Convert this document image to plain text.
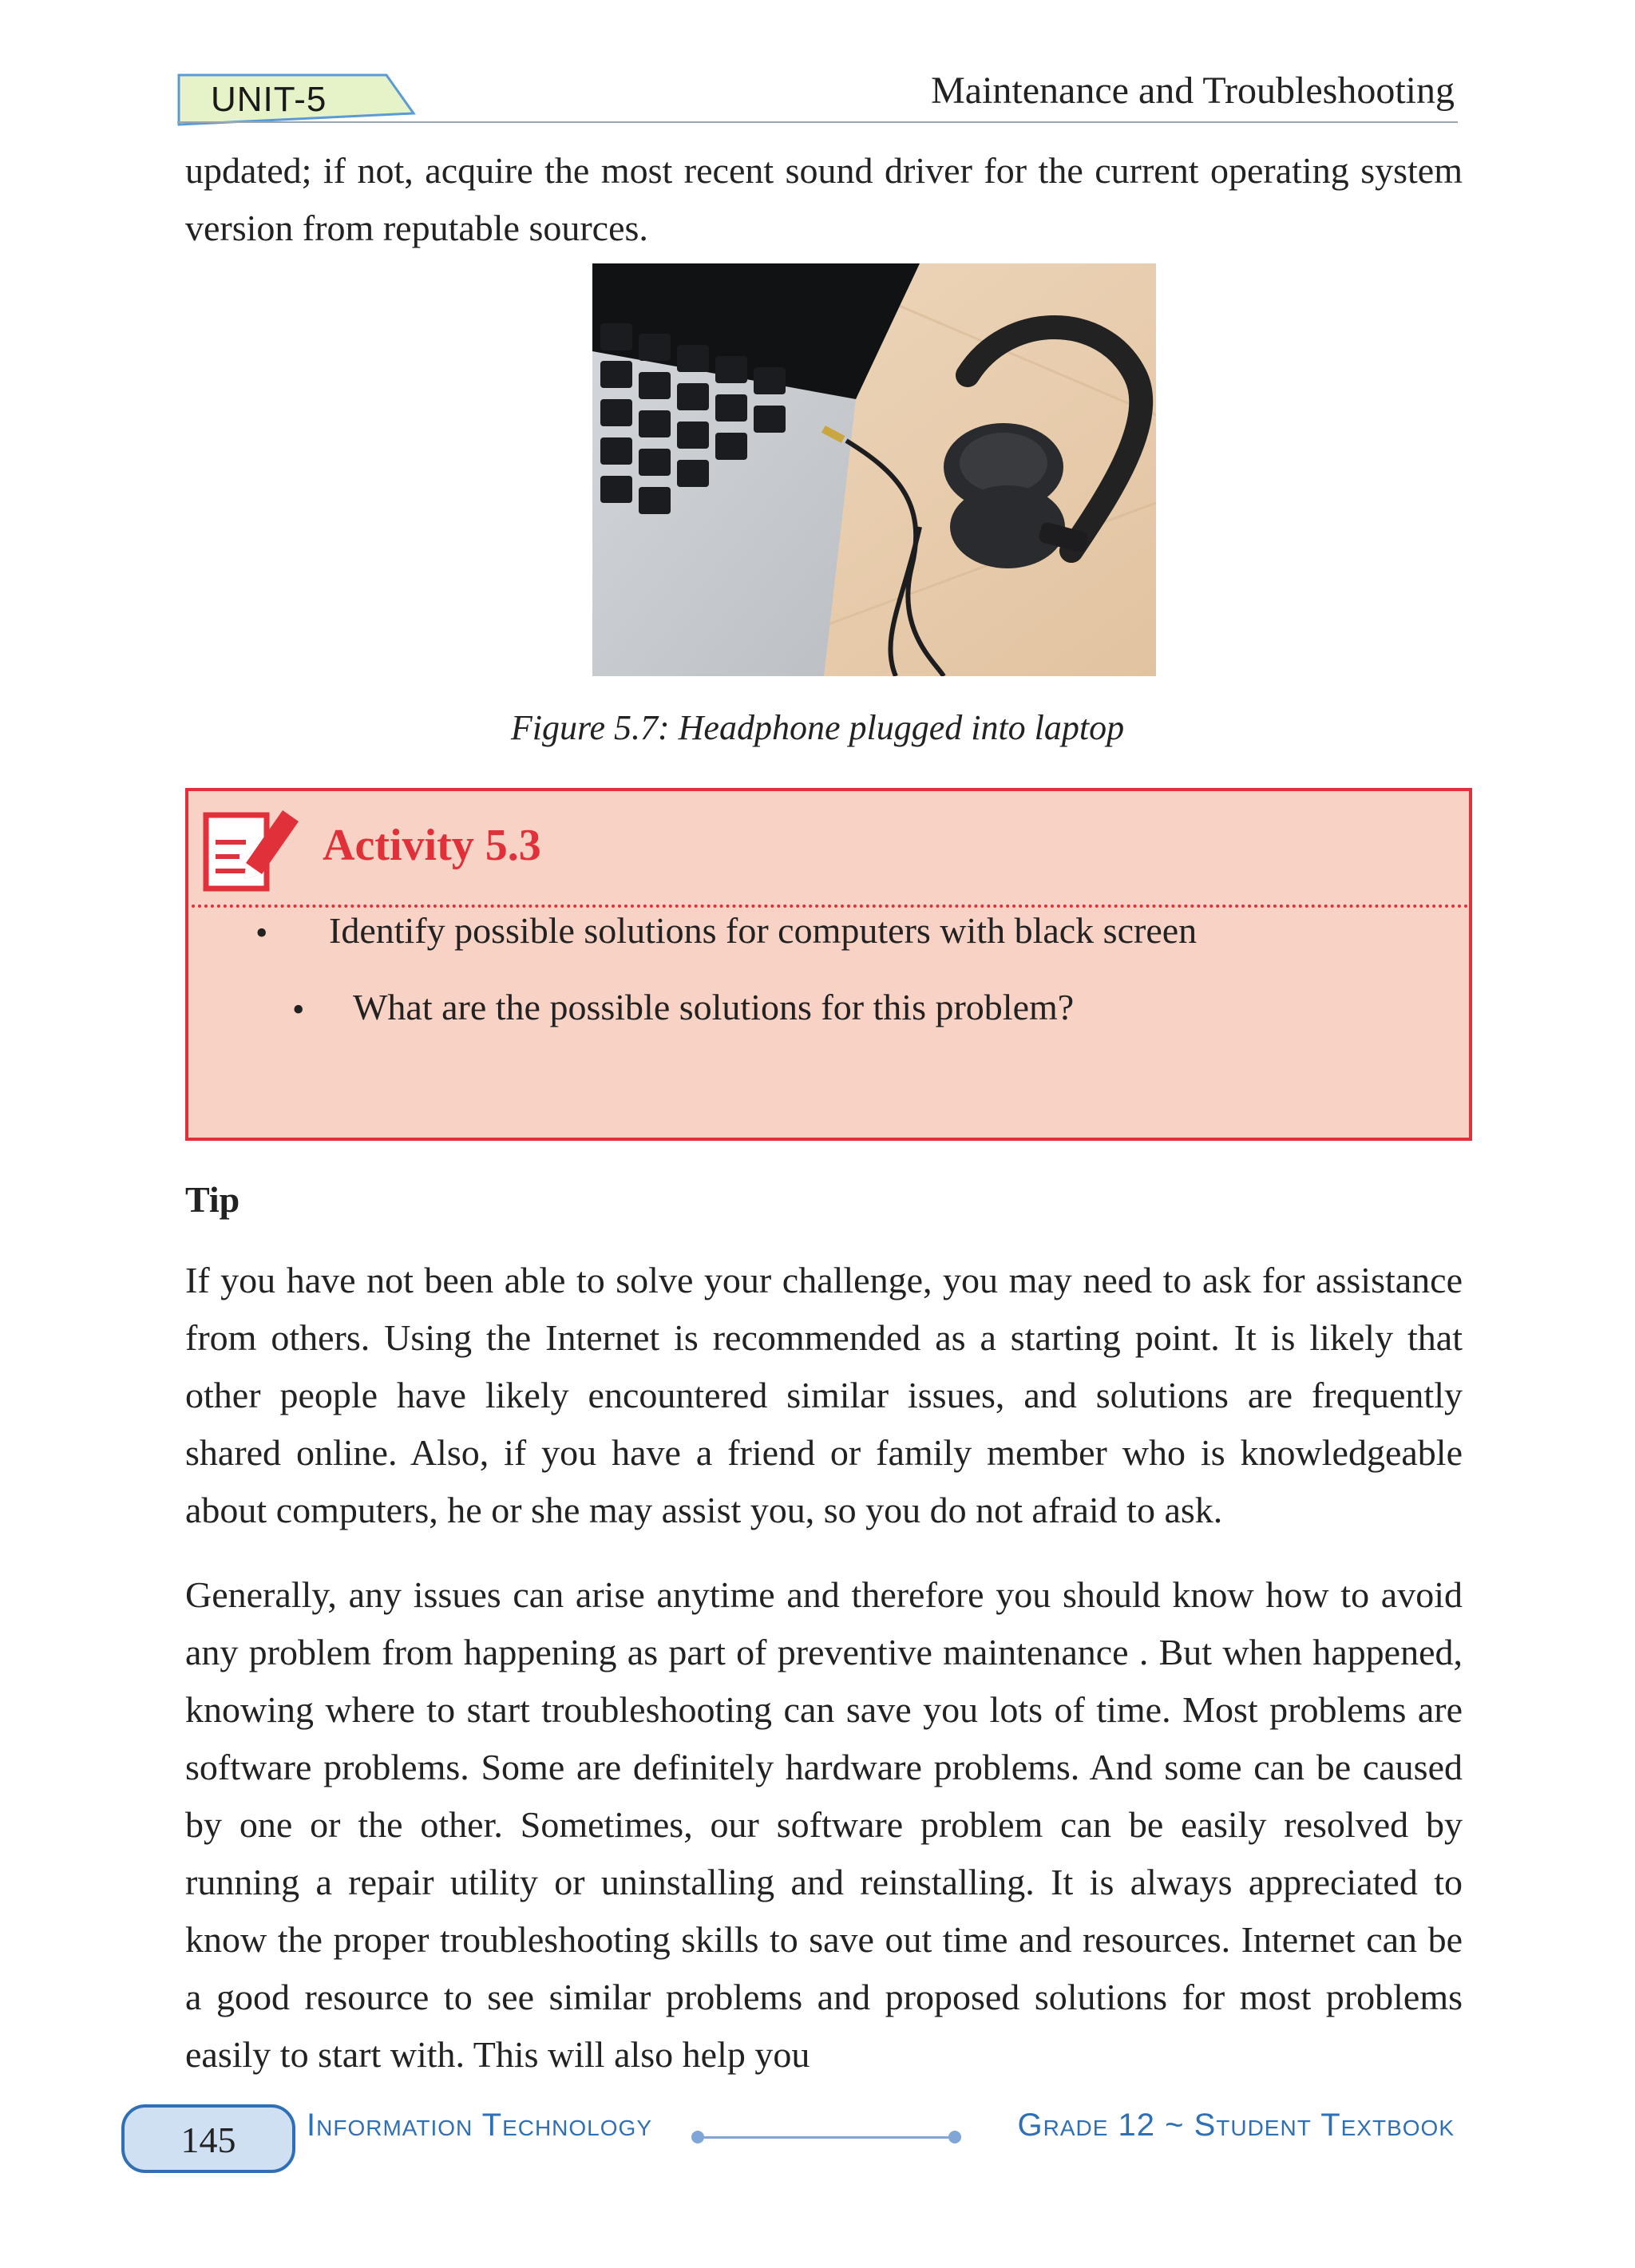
UNIT-5	Maintenance and Troubleshooting
updated; if not, acquire the most recent sound driver for the current operating system version from reputable sources.
Figure 5.7: Headphone plugged into laptop
Activity 5.3
• Identify possible solutions for computers with black screen
• What are the possible solutions for this problem?
Tip
If you have not been able to solve your challenge, you may need to ask for assistance from others. Using the Internet is recommended as a starting point. It is likely that other people have likely encountered similar issues, and solutions are frequently shared online. Also, if you have a friend or family member who is knowledgeable about computers, he or she may assist you, so you do not afraid to ask.
Generally, any issues can arise anytime and therefore you should know how to avoid any problem from happening as part of preventive maintenance . But when happened, knowing where to start troubleshooting can save you lots of time. Most problems are software problems. Some are definitely hardware problems. And some can be caused by one or the other. Sometimes, our software problem can be easily resolved by running a repair utility or uninstalling and reinstalling. It is always appreciated to know the proper troubleshooting skills to save out time and resources. Internet can be a good resource to see similar problems and proposed solutions for most problems easily to start with. This will also help you
145	Information Technology	Grade 12 ~ Student Textbook
